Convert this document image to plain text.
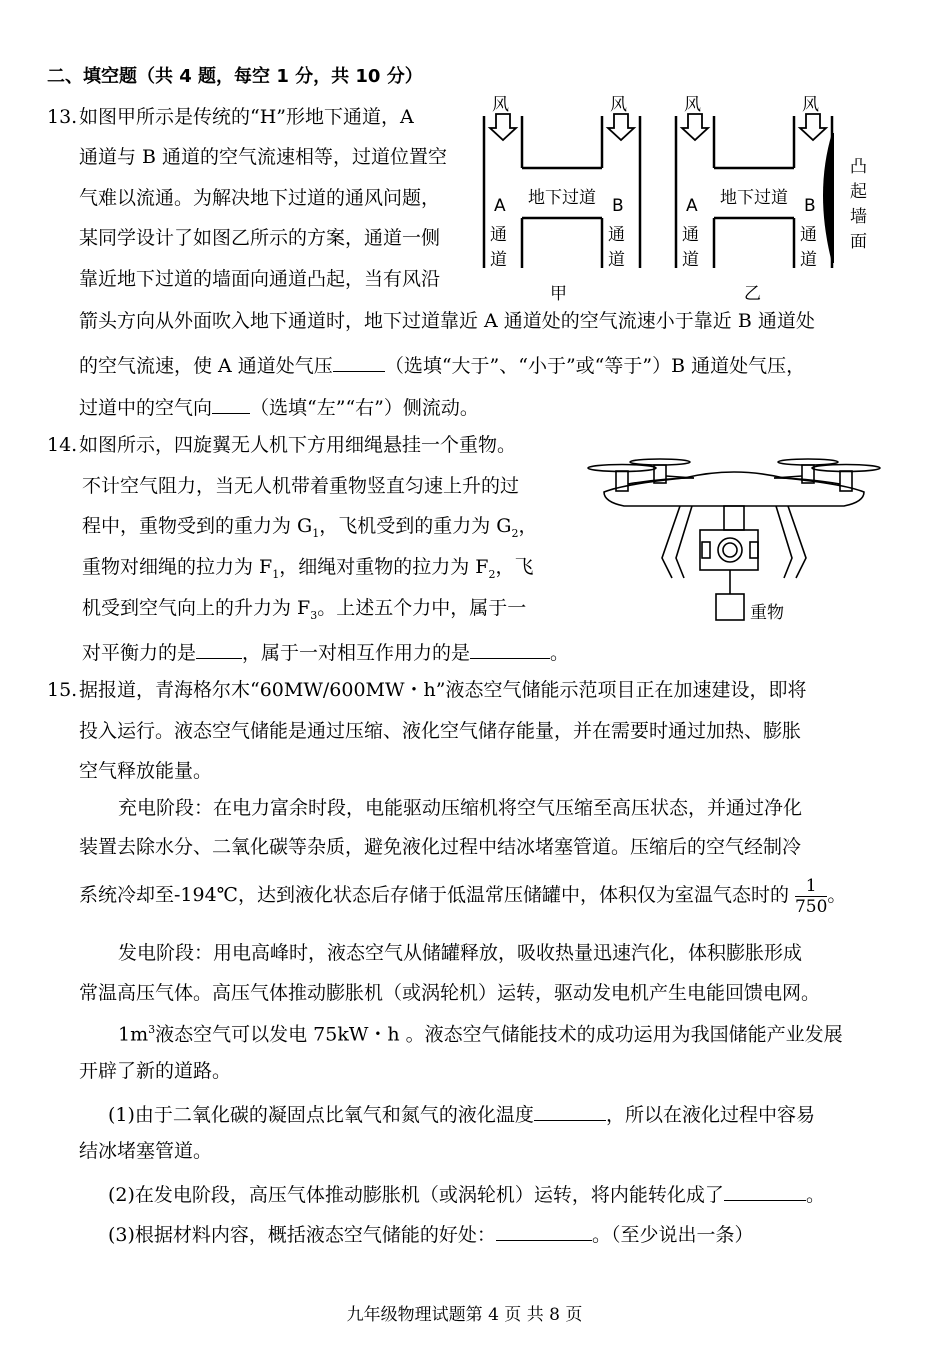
二、填空题（共 4 题，每空 1 分，共 10 分）
13. 如图甲所示是传统的“H”形地下通道，A
通道与 B 通道的空气流速相等，过道位置空
气难以流通。为解决地下过道的通风问题，
某同学设计了如图乙所示的方案，通道一侧
靠近地下过道的墙面向通道凸起，当有风沿
箭头方向从外面吹入地下通道时，地下过道靠近 A 通道处的空气流速小于靠近 B 通道处
的空气流速，使 A 通道处气压	（选填“大于”、“小于”或“等于”）B 通道处气压，
过道中的空气向 （选填“左”“右”）侧流动。
风	风	风	风
地下过道	地下过道
A
通
道
B
通
道
A
通
道
B
通
道
凸
起
墙
面
甲	乙
14. 如图所示，四旋翼无人机下方用细绳悬挂一个重物。
不计空气阻力，当无人机带着重物竖直匀速上升的过
程中，重物受到的重力为 $G_1$，飞机受到的重力为 $G_2$，
重物对细绳的拉力为 $F_1$，细绳对重物的拉力为 $F_2$，飞
机受到空气向上的升力为 $F_3$。上述五个力中，属于一
对平衡力的是 ，属于一对相互作用力的是	。
重物
15. 据报道，青海格尔木“60MW/600MW・h”液态空气储能示范项目正在加速建设，即将
投入运行。液态空气储能是通过压缩、液化空气储存能量，并在需要时通过加热、膨胀
空气释放能量。
充电阶段：在电力富余时段，电能驱动压缩机将空气压缩至高压状态，并通过净化
装置去除水分、二氧化碳等杂质，避免液化过程中结冰堵塞管道。压缩后的空气经制冷
系统冷却至-194℃，达到液化状态后存储于低温常压储罐中，体积仅为室温气态时的 $\frac{1}{750}$ 。
发电阶段：用电高峰时，液态空气从储罐释放，吸收热量迅速汽化，体积膨胀形成
常温高压气体。高压气体推动膨胀机（或涡轮机）运转，驱动发电机产生电能回馈电网。
$1m^3$液态空气可以发电 75kW・h 。液态空气储能技术的成功运用为我国储能产业发展
开辟了新的道路。
(1)由于二氧化碳的凝固点比氧气和氮气的液化温度	，所以在液化过程中容易
结冰堵塞管道。
(2)在发电阶段，高压气体推动膨胀机（或涡轮机）运转，将内能转化成了	。
(3)根据材料内容，概括液态空气储能的好处：	。（至少说出一条）
九年级物理试题第 4 页 共 8 页
